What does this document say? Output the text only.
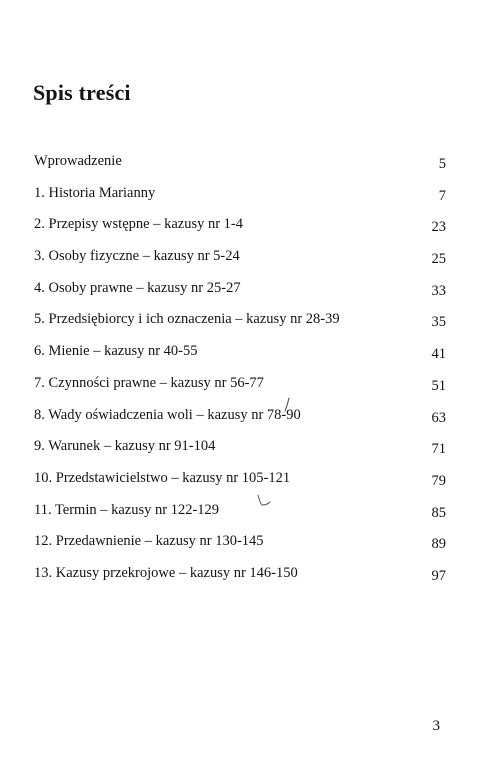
Spis treści
Wprowadzenie	5
1. Historia Marianny	7
2. Przepisy wstępne – kazusy nr 1-4	23
3. Osoby fizyczne – kazusy nr 5-24	25
4. Osoby prawne – kazusy nr 25-27	33
5. Przedsiębiorcy i ich oznaczenia – kazusy nr 28-39	35
6. Mienie – kazusy nr 40-55	41
7. Czynności prawne – kazusy nr 56-77	51
8. Wady oświadczenia woli – kazusy nr 78-90	63
9. Warunek – kazusy nr 91-104	71
10. Przedstawicielstwo – kazusy nr 105-121	79
11. Termin – kazusy nr 122-129	85
12. Przedawnienie – kazusy nr 130-145	89
13. Kazusy przekrojowe – kazusy nr 146-150	97
3
